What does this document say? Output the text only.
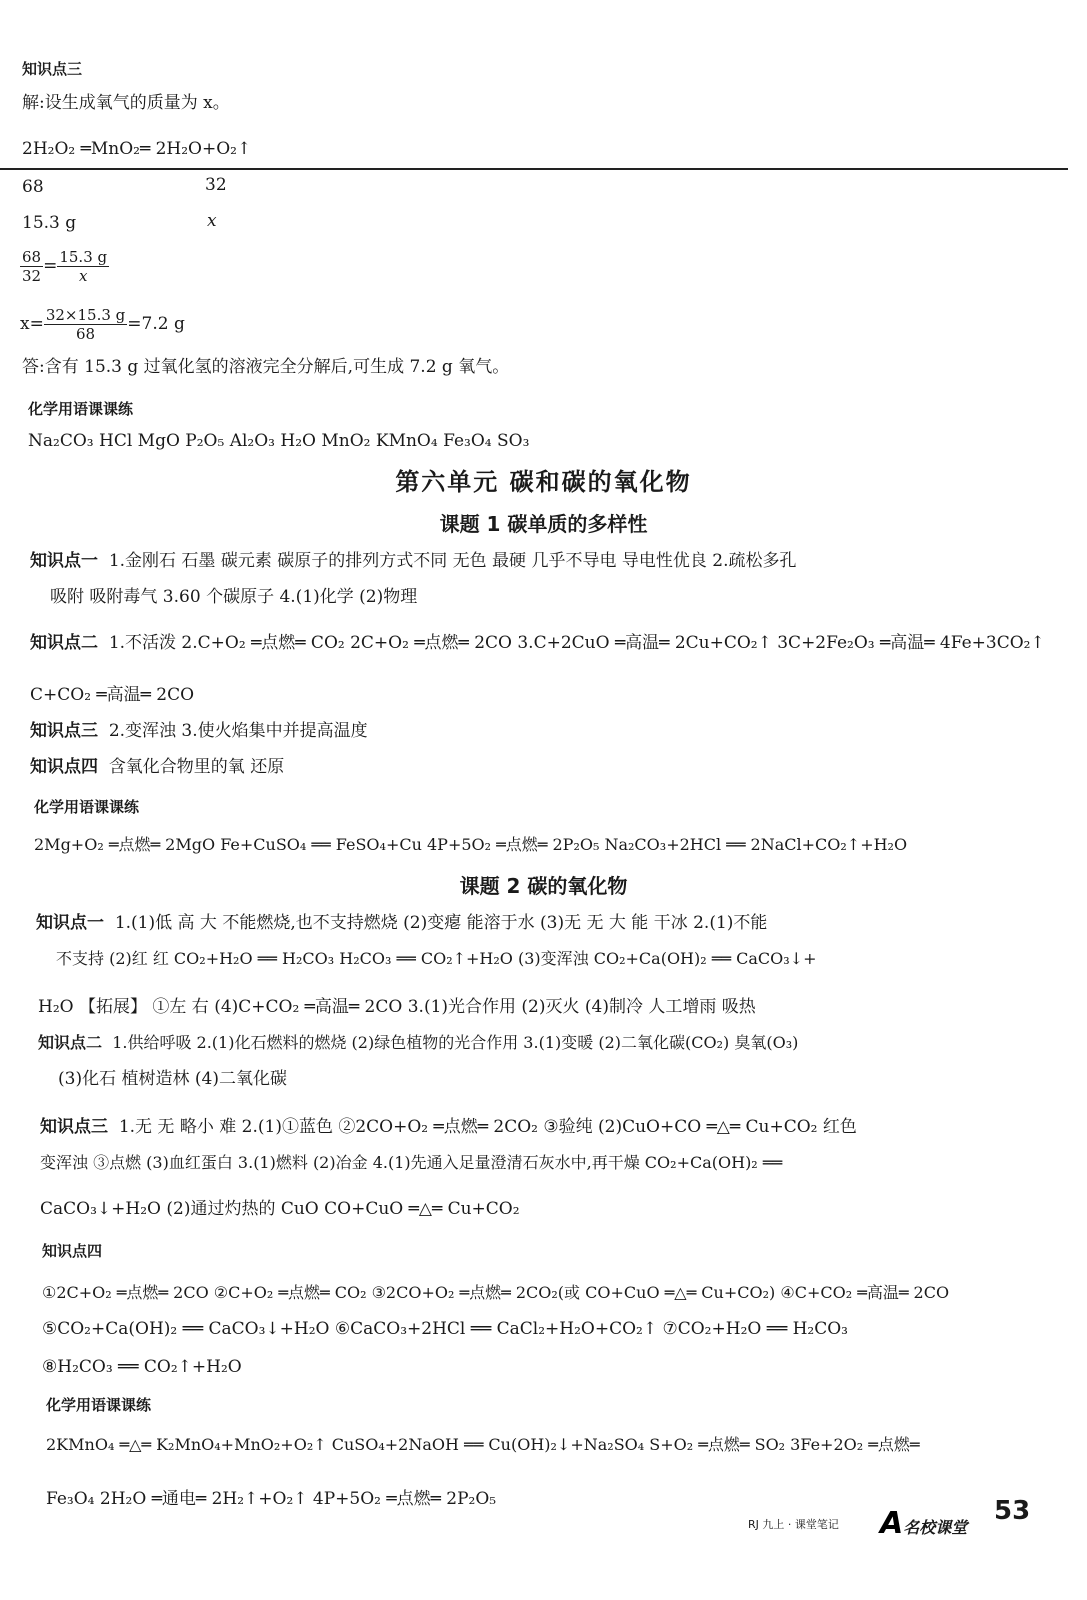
知识点三
解:设生成氧气的质量为 x。
2H₂O₂ ═MnO₂═ 2H₂O+O₂↑
68	32
15.3 g	x
$\frac{68}{32} = \frac{15.3 g}{x}$
$x= \frac{32\times 15.3 g}{68} =7.2$ g
答:含有 15.3 g 过氧化氢的溶液完全分解后,可生成 7.2 g 氧气。
化学用语课课练
Na₂CO₃ HCl MgO P₂O₅ Al₂O₃ H₂O MnO₂ KMnO₄ Fe₃O₄ SO₃
第六单元 碳和碳的氧化物
课题 1 碳单质的多样性
知识点一 1.金刚石 石墨 碳元素 碳原子的排列方式不同 无色 最硬 几乎不导电 导电性优良 2.疏松多孔
吸附 吸附毒气 3.60 个碳原子 4.(1)化学 (2)物理
知识点二 1.不活泼 2.C+O₂ ═点燃═ CO₂ 2C+O₂ ═点燃═ 2CO 3.C+2CuO ═高温═ 2Cu+CO₂↑ 3C+2Fe₂O₃ ═高温═ 4Fe+3CO₂↑
C+CO₂ ═高温═ 2CO
知识点三 2.变浑浊 3.使火焰集中并提高温度
知识点四 含氧化合物里的氧 还原
化学用语课课练
2Mg+O₂ ═点燃═ 2MgO Fe+CuSO₄ ══ FeSO₄+Cu 4P+5O₂ ═点燃═ 2P₂O₅ Na₂CO₃+2HCl ══ 2NaCl+CO₂↑+H₂O
课题 2 碳的氧化物
知识点一 1.(1)低 高 大 不能燃烧,也不支持燃烧 (2)变瘪 能溶于水 (3)无 无 大 能 干冰 2.(1)不能
不支持 (2)红 红 CO₂+H₂O ══ H₂CO₃ H₂CO₃ ══ CO₂↑+H₂O (3)变浑浊 CO₂+Ca(OH)₂ ══ CaCO₃↓+
H₂O 【拓展】 ①左 右 (4)C+CO₂ ═高温═ 2CO 3.(1)光合作用 (2)灭火 (4)制冷 人工增雨 吸热
知识点二 1.供给呼吸 2.(1)化石燃料的燃烧 (2)绿色植物的光合作用 3.(1)变暖 (2)二氧化碳(CO₂) 臭氧(O₃)
(3)化石 植树造林 (4)二氧化碳
知识点三 1.无 无 略小 难 2.(1)①蓝色 ②2CO+O₂ ═点燃═ 2CO₂ ③验纯 (2)CuO+CO ═△═ Cu+CO₂ 红色
变浑浊 ③点燃 (3)血红蛋白 3.(1)燃料 (2)冶金 4.(1)先通入足量澄清石灰水中,再干燥 CO₂+Ca(OH)₂ ══
CaCO₃↓+H₂O (2)通过灼热的 CuO CO+CuO ═△═ Cu+CO₂
知识点四
①2C+O₂ ═点燃═ 2CO ②C+O₂ ═点燃═ CO₂ ③2CO+O₂ ═点燃═ 2CO₂(或 CO+CuO ═△═ Cu+CO₂) ④C+CO₂ ═高温═ 2CO
⑤CO₂+Ca(OH)₂ ══ CaCO₃↓+H₂O ⑥CaCO₃+2HCl ══ CaCl₂+H₂O+CO₂↑ ⑦CO₂+H₂O ══ H₂CO₃
⑧H₂CO₃ ══ CO₂↑+H₂O
化学用语课课练
2KMnO₄ ═△═ K₂MnO₄+MnO₂+O₂↑ CuSO₄+2NaOH ══ Cu(OH)₂↓+Na₂SO₄ S+O₂ ═点燃═ SO₂ 3Fe+2O₂ ═点燃═
Fe₃O₄ 2H₂O ═通电═ 2H₂↑+O₂↑ 4P+5O₂ ═点燃═ 2P₂O₅
RJ 九上 · 课堂笔记 A名校课堂
53
